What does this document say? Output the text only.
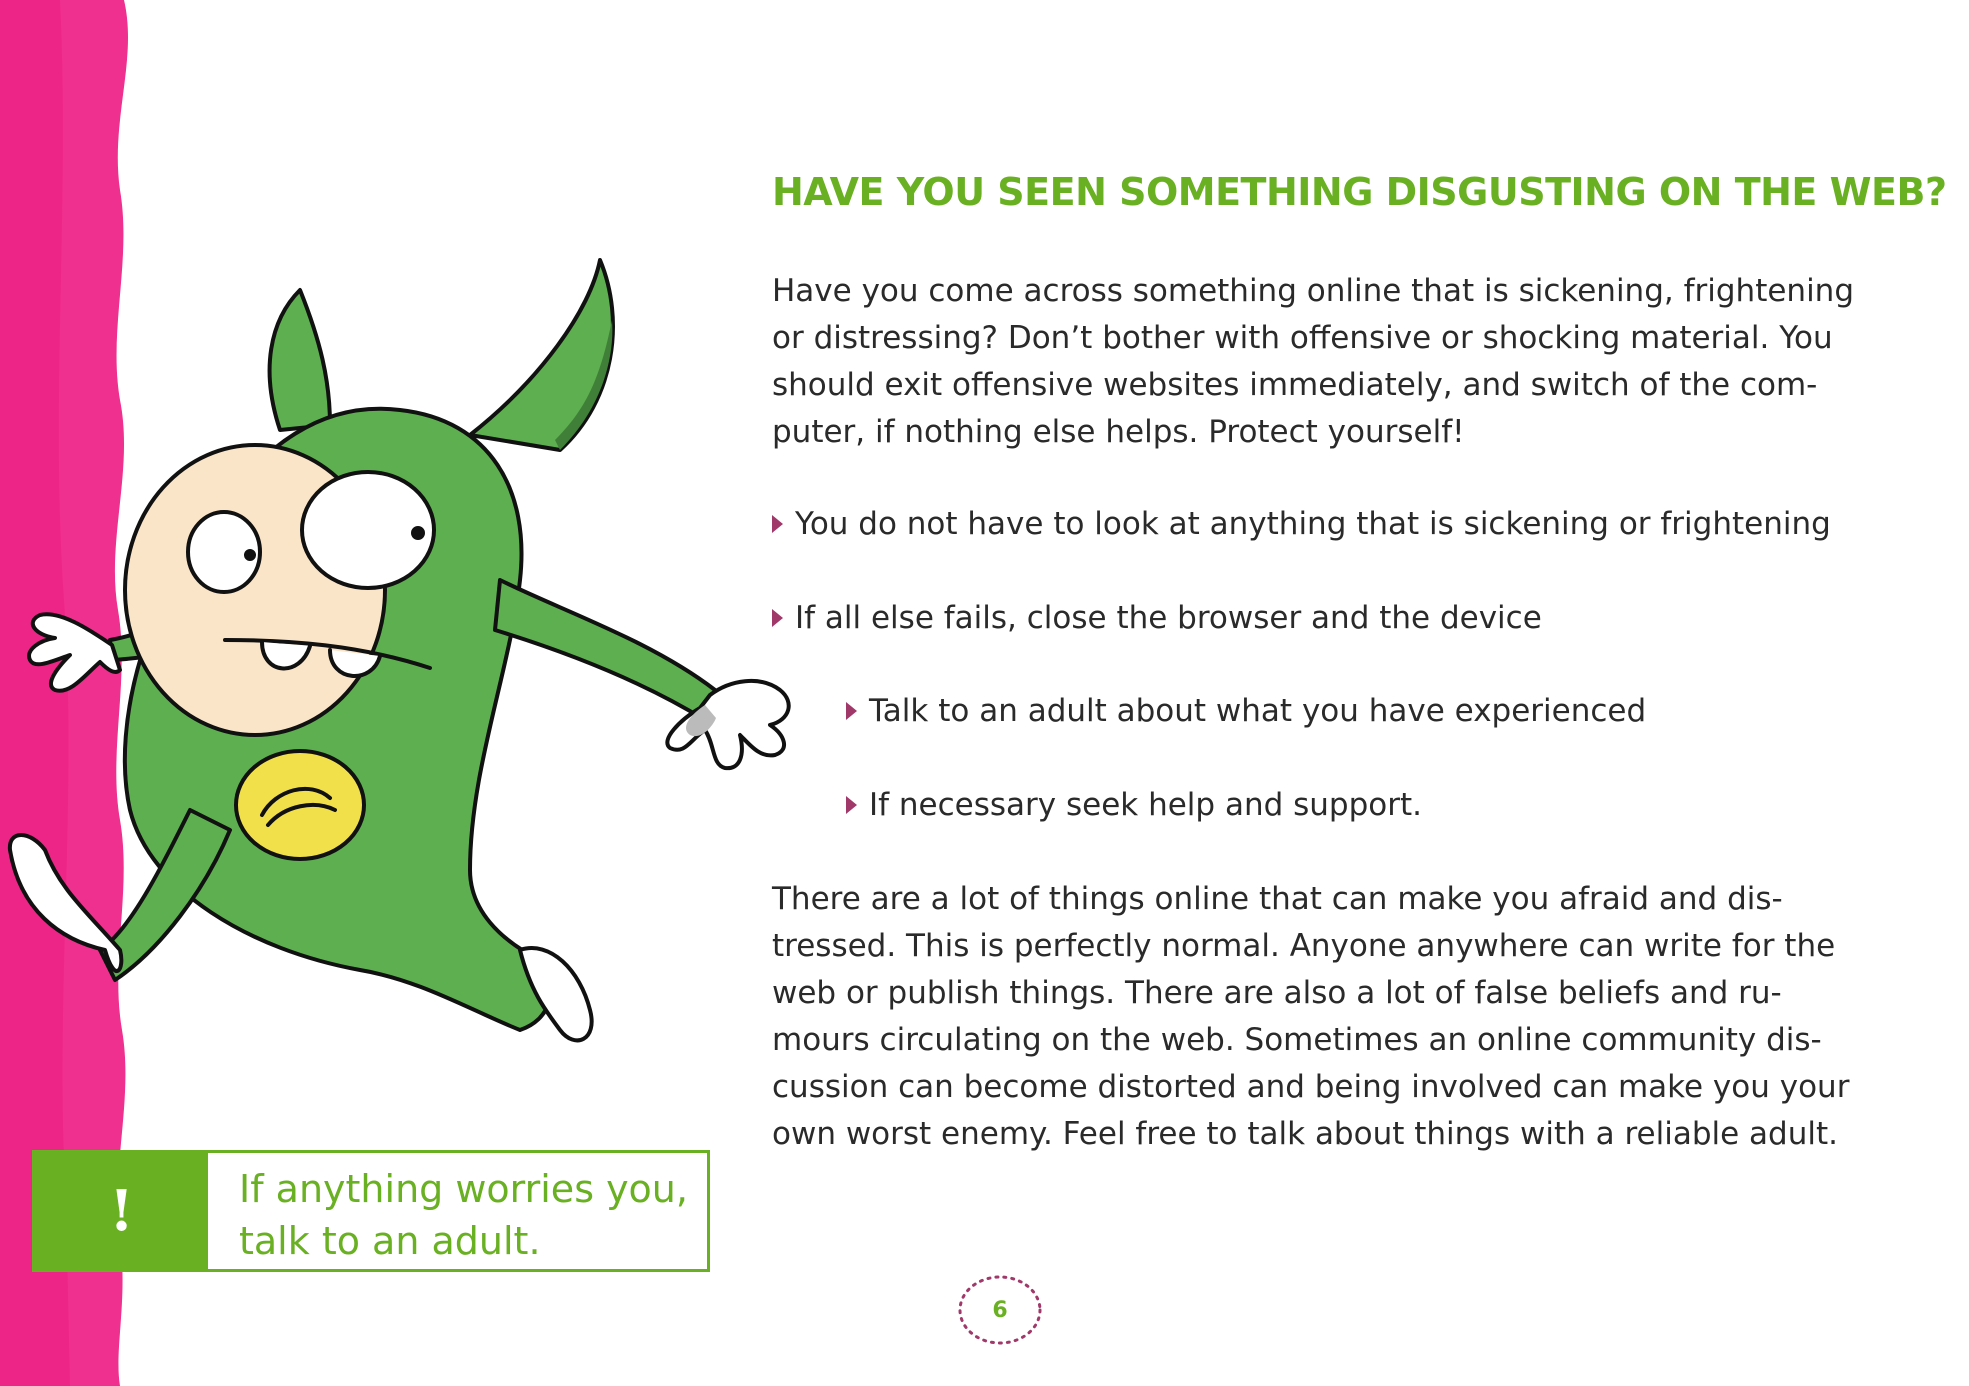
HAVE YOU SEEN SOMETHING DISGUSTING ON THE WEB?

Have you come across something online that is sickening, frightening
or distressing? Don’t bother with offensive or shocking material. You
should exit offensive websites immediately, and switch of the com-
puter, if nothing else helps. Protect yourself!

You do not have to look at anything that is sickening or frightening
If all else fails, close the browser and the device
Talk to an adult about what you have experienced
If necessary seek help and support.

There are a lot of things online that can make you afraid and dis-
tressed. This is perfectly normal. Anyone anywhere can write for the
web or publish things. There are also a lot of false beliefs and ru-
mours circulating on the web. Sometimes an online community dis-
cussion can become distorted and being involved can make you your
own worst enemy. Feel free to talk about things with a reliable adult.

!	If anything worries you,
talk to an adult.
6
